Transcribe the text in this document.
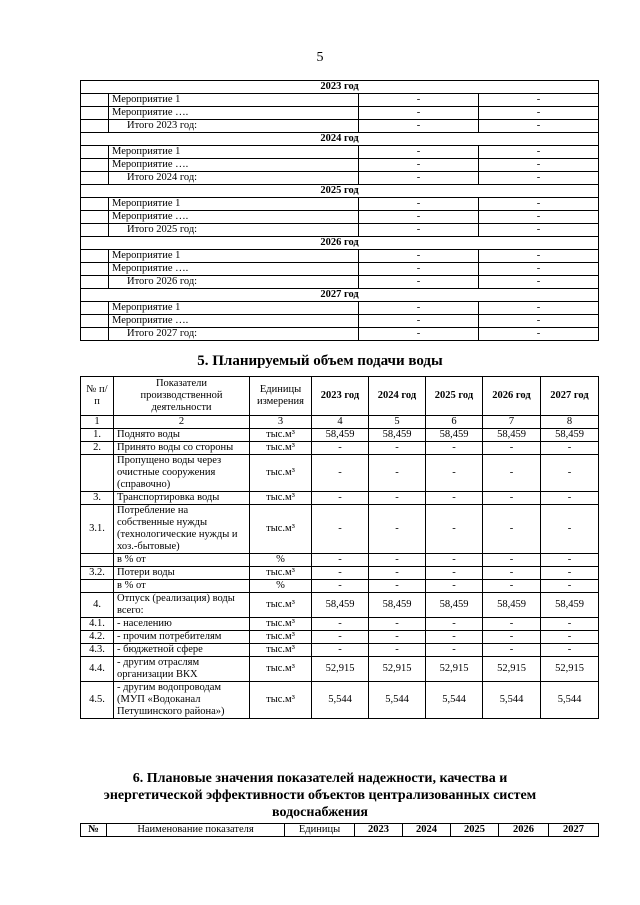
5
2023 год			
	Мероприятие 1	-	-
	Мероприятие ….	-	-
	Итого 2023 год:	-	-
2024 год			
	Мероприятие 1	-	-
	Мероприятие ….	-	-
	Итого 2024 год:	-	-
2025 год			
	Мероприятие 1	-	-
	Мероприятие ….	-	-
	Итого 2025 год:	-	-
2026 год			
	Мероприятие 1	-	-
	Мероприятие ….	-	-
	Итого 2026 год:	-	-
2027 год			
	Мероприятие 1	-	-
	Мероприятие ….	-	-
	Итого 2027 год:	-	-
5. Планируемый объем подачи воды
№ п/п	Показатели производственной деятельности	Единицы измерения	2023 год	2024 год	2025 год	2026 год	2027 год
1	2	3	4	5	6	7	8
1.	Поднято воды	тыс.м³	58,459	58,459	58,459	58,459	58,459
2.	Принято воды со стороны	тыс.м³	-	-	-	-	-
	Пропущено воды через очистные сооружения (справочно)	тыс.м³	-	-	-	-	-
3.	Транспортировка воды	тыс.м³	-	-	-	-	-
3.1.	Потребление на собственные нужды (технологические нужды и хоз.-бытовые)	тыс.м³	-	-	-	-	-
	в % от	%	-	-	-	-	-
3.2.	Потери воды	тыс.м³	-	-	-	-	-
	в % от	%	-	-	-	-	-
4.	Отпуск (реализация) воды всего:	тыс.м³	58,459	58,459	58,459	58,459	58,459
4.1.	- населению	тыс.м³	-	-	-	-	-
4.2.	- прочим потребителям	тыс.м³	-	-	-	-	-
4.3.	- бюджетной сфере	тыс.м³	-	-	-	-	-
4.4.	- другим отраслям организации ВКХ	тыс.м³	52,915	52,915	52,915	52,915	52,915
4.5.	- другим водопроводам (МУП «Водоканал Петушинского района»)	тыс.м³	5,544	5,544	5,544	5,544	5,544
6. Плановые значения показателей надежности, качества и энергетической эффективности объектов централизованных систем водоснабжения
№	Наименование показателя	Единицы	2023	2024	2025	2026	2027
